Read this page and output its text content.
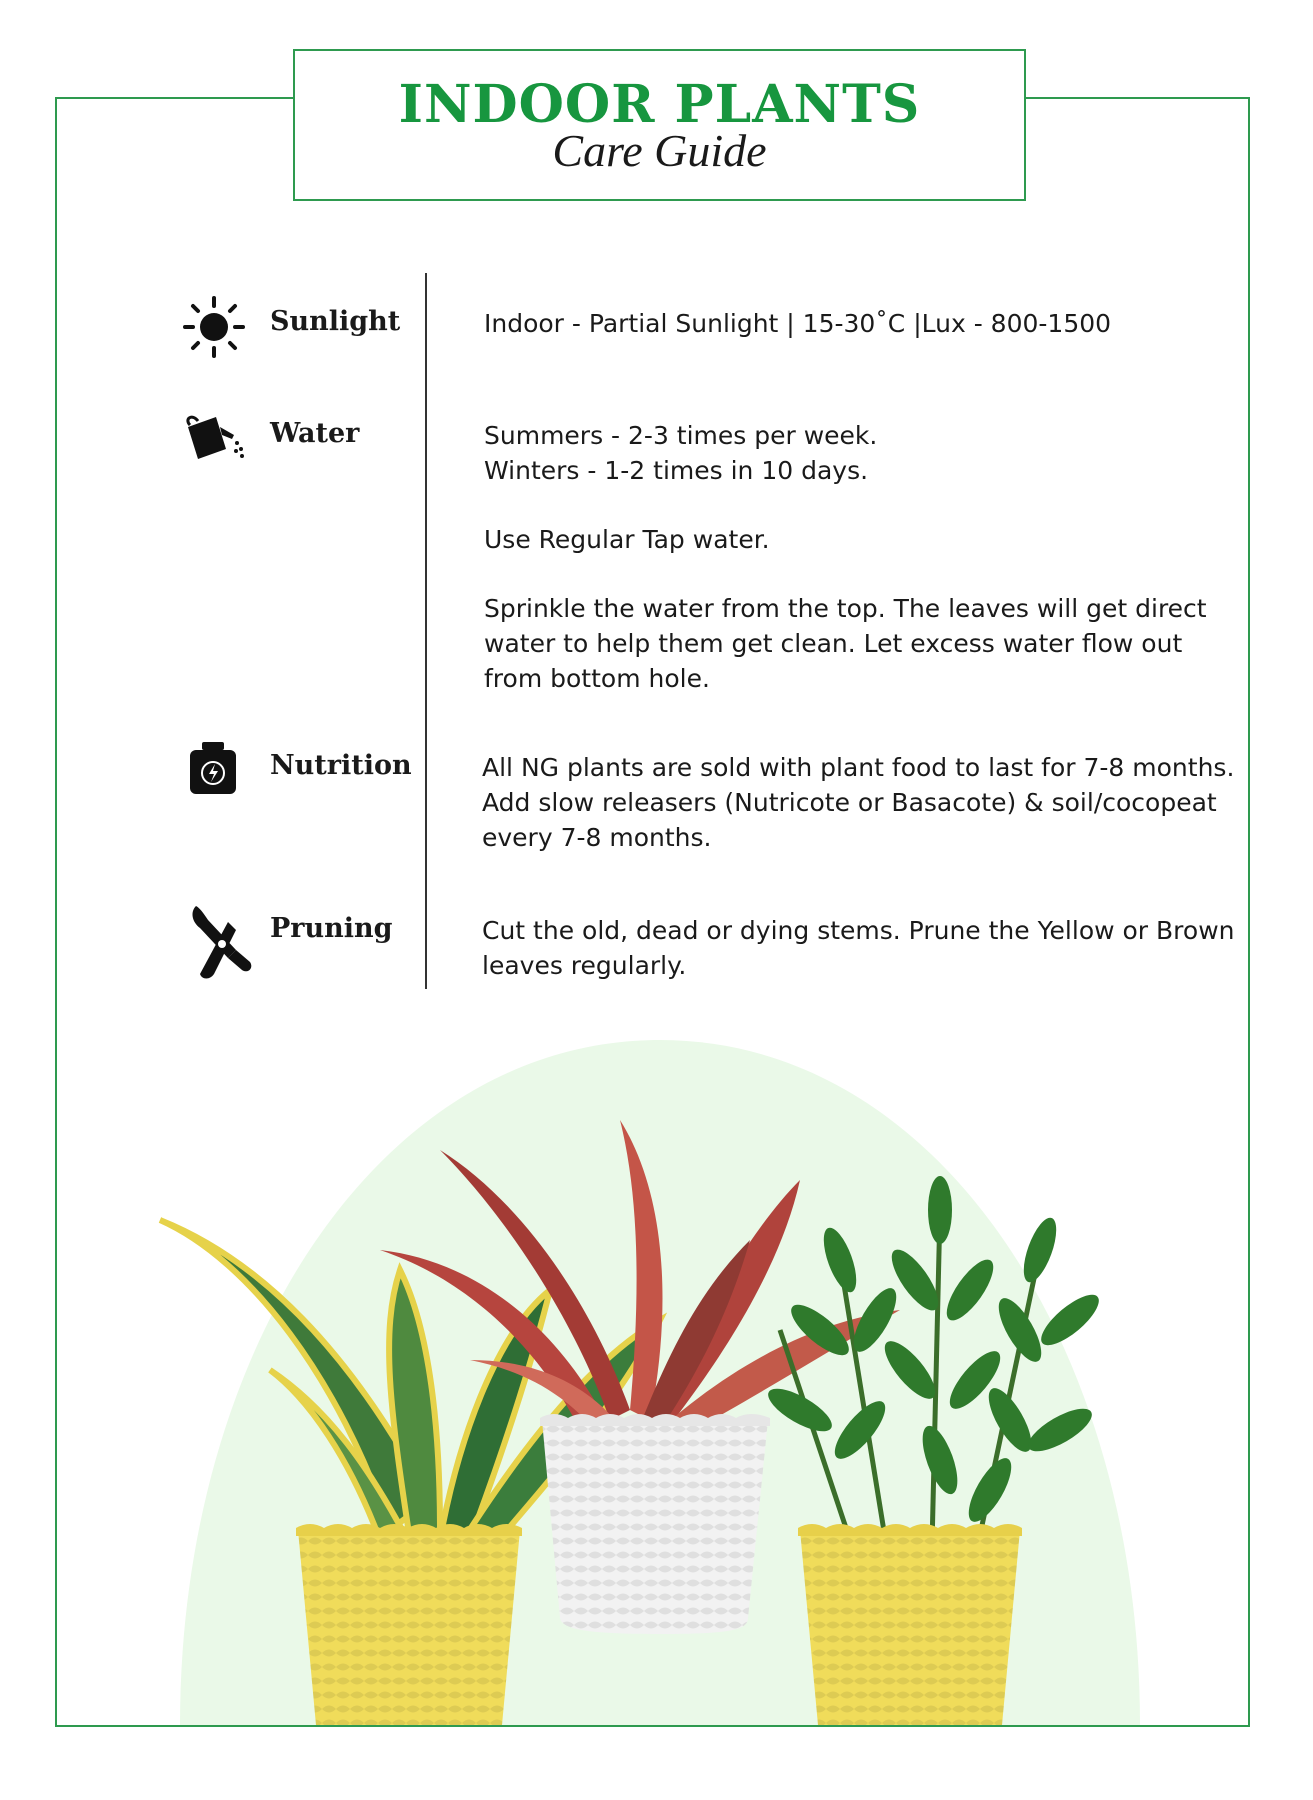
INDOOR PLANTS
Care Guide
Sunlight	Indoor - Partial Sunlight | 15-30˚C |Lux - 800-1500

Water	Summers - 2-3 times per week.

Winters - 1-2 times in 10 days.

Use Regular Tap water.

Sprinkle the water from the top. The leaves will get direct water to help them get clean. Let excess water flow out from bottom hole.

Nutrition	All NG plants are sold with plant food to last for 7-8 months. Add slow releasers (Nutricote or Basacote) & soil/cocopeat every 7-8 months.

Pruning	Cut the old, dead or dying stems. Prune the Yellow or Brown leaves regularly.
